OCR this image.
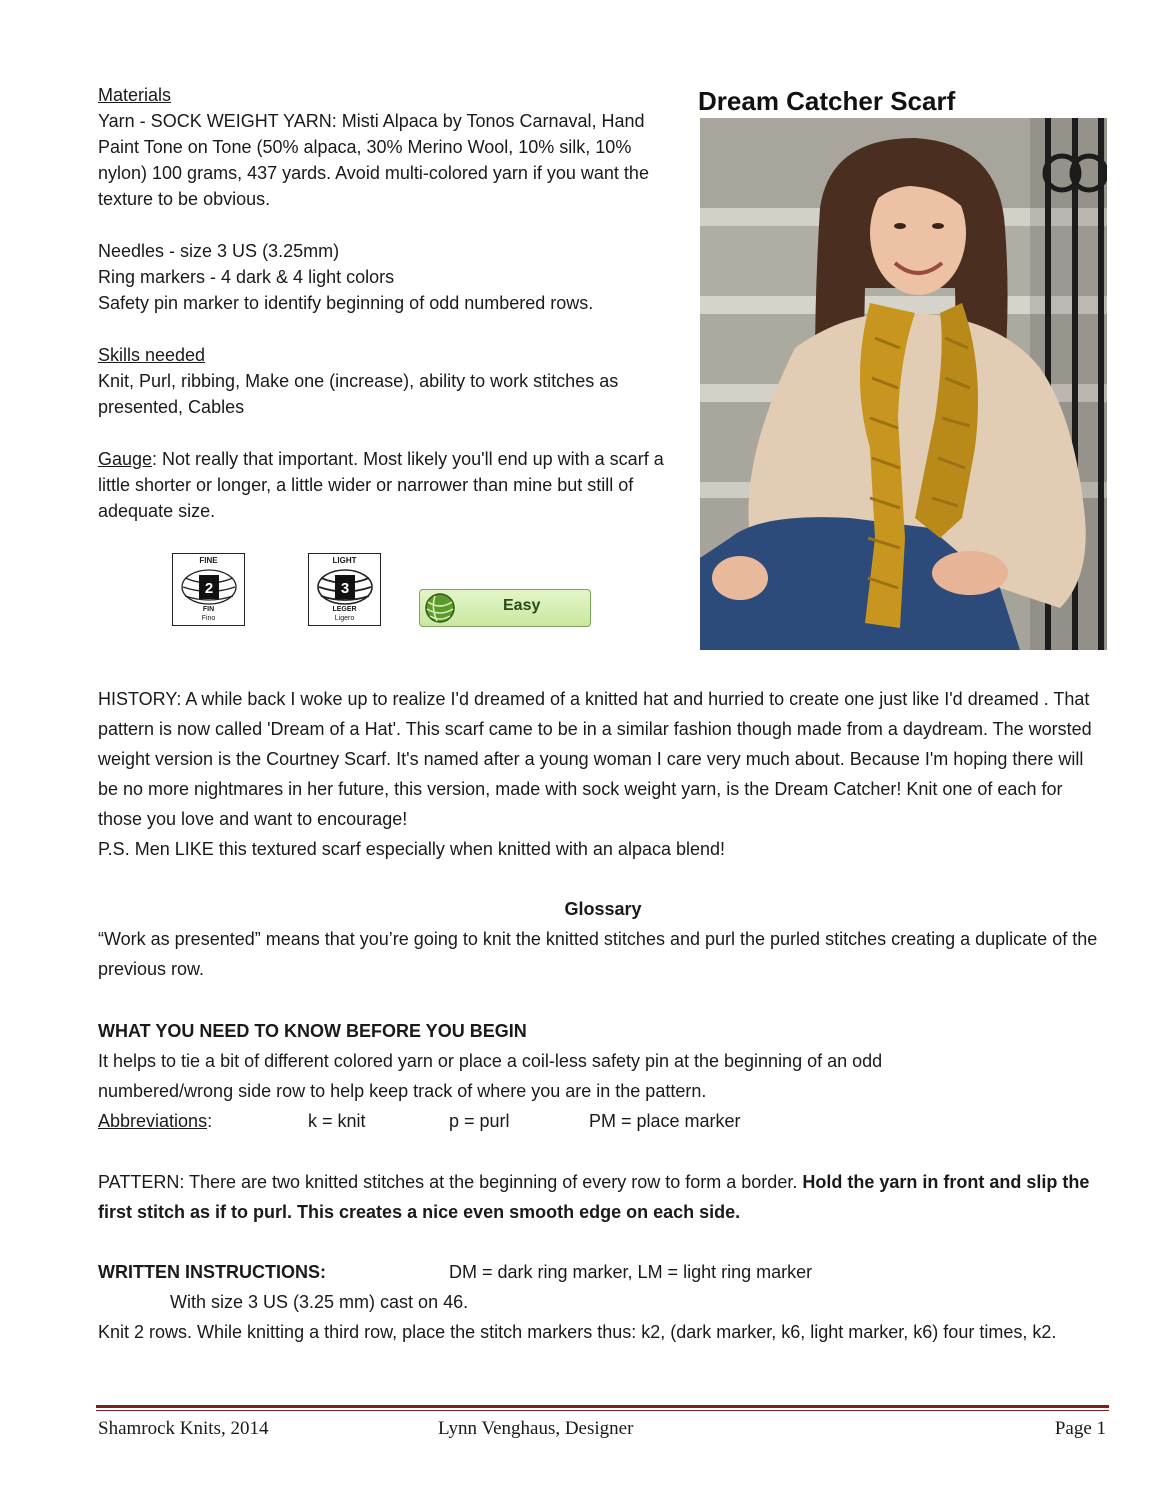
Materials

Yarn - SOCK WEIGHT YARN: Misti Alpaca by Tonos Carnaval, Hand Paint Tone on Tone (50% alpaca, 30% Merino Wool, 10% silk, 10% nylon) 100 grams, 437 yards. Avoid multi-colored yarn if you want the texture to be obvious.

Needles - size 3 US (3.25mm)

Ring markers - 4 dark & 4 light colors

Safety pin marker to identify beginning of odd numbered rows.

Skills needed

Knit, Purl, ribbing, Make one (increase), ability to work stitches as presented, Cables

Gauge: Not really that important. Most likely you'll end up with a scarf a little shorter or longer, a little wider or narrower than mine but still of adequate size.

Dream Catcher Scarf
FINE
2
FIN
Fino
LIGHT
3
LEGER
Ligero
Easy
HISTORY: A while back I woke up to realize I'd dreamed of a knitted hat and hurried to create one just like I'd dreamed . That pattern is now called 'Dream of a Hat'. This scarf came to be in a similar fashion though made from a daydream. The worsted weight version is the Courtney Scarf. It's named after a young woman I care very much about. Because I'm hoping there will be no more nightmares in her future, this version, made with sock weight yarn, is the Dream Catcher! Knit one of each for those you love and want to encourage!
P.S. Men LIKE this textured scarf especially when knitted with an alpaca blend!
Glossary
“Work as presented” means that you’re going to knit the knitted stitches and purl the purled stitches creating a duplicate of the previous row.
WHAT YOU NEED TO KNOW BEFORE YOU BEGIN
It helps to tie a bit of different colored yarn or place a coil-less safety pin at the beginning of an odd numbered/wrong side row to help keep track of where you are in the pattern.
Abbreviations:	k = knit	p = purl	PM = place marker
PATTERN: There are two knitted stitches at the beginning of every row to form a border. Hold the yarn in front and slip the first stitch as if to purl. This creates a nice even smooth edge on each side.
WRITTEN INSTRUCTIONS:	DM = dark ring marker, LM = light ring marker
With size 3 US (3.25 mm) cast on 46.
Knit 2 rows. While knitting a third row, place the stitch markers thus: k2, (dark marker, k6, light marker, k6) four times, k2.
Shamrock Knits, 2014	Lynn Venghaus, Designer	Page 1
